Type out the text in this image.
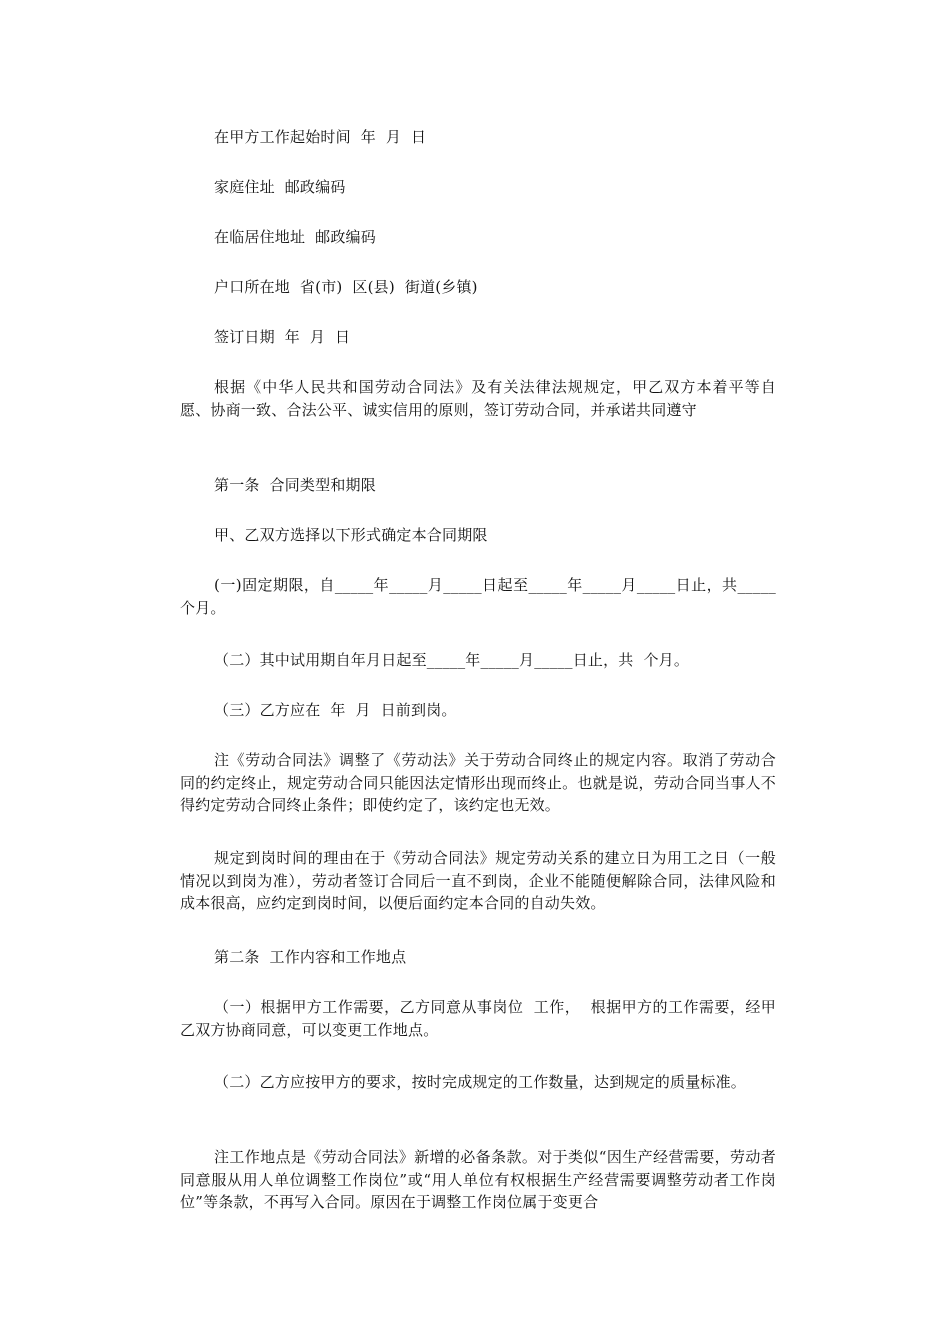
在甲方工作起始时间  年  月  日

家庭住址  邮政编码

在临居住地址  邮政编码

户口所在地  省(市)  区(县)  街道(乡镇)

签订日期  年  月  日

根据《中华人民共和国劳动合同法》及有关法律法规规定，甲乙双方本着平等自愿、协商一致、合法公平、诚实信用的原则，签订劳动合同，并承诺共同遵守

第一条  合同类型和期限

甲、乙双方选择以下形式确定本合同期限

(一)固定期限，自_____年_____月_____日起至_____年_____月_____日止，共_____个月。

（二）其中试用期自年月日起至_____年_____月_____日止，共  个月。

（三）乙方应在  年  月  日前到岗。

注《劳动合同法》调整了《劳动法》关于劳动合同终止的规定内容。取消了劳动合同的约定终止，规定劳动合同只能因法定情形出现而终止。也就是说，劳动合同当事人不得约定劳动合同终止条件；即使约定了，该约定也无效。

规定到岗时间的理由在于《劳动合同法》规定劳动关系的建立日为用工之日（一般情况以到岗为准），劳动者签订合同后一直不到岗，企业不能随便解除合同，法律风险和成本很高，应约定到岗时间，以便后面约定本合同的自动失效。

第二条  工作内容和工作地点

（一）根据甲方工作需要，乙方同意从事岗位  工作，  根据甲方的工作需要，经甲乙双方协商同意，可以变更工作地点。

（二）乙方应按甲方的要求，按时完成规定的工作数量，达到规定的质量标准。

注工作地点是《劳动合同法》新增的必备条款。对于类似“因生产经营需要，劳动者同意服从用人单位调整工作岗位”或“用人单位有权根据生产经营需要调整劳动者工作岗位”等条款，不再写入合同。原因在于调整工作岗位属于变更合
